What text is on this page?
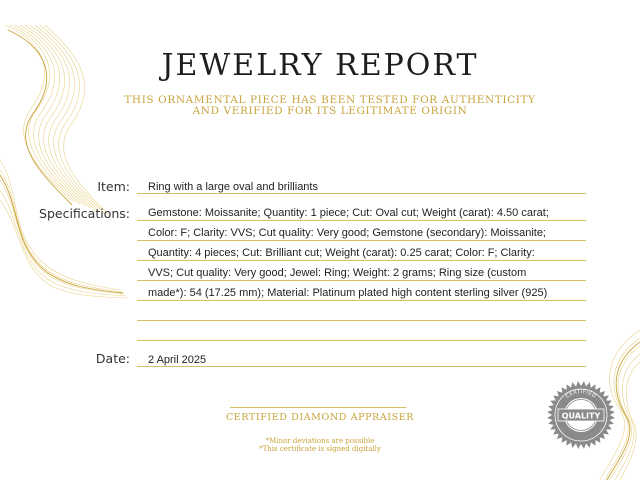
JEWELRY REPORT
THIS ORNAMENTAL PIECE HAS BEEN TESTED FOR AUTHENTICITY
AND VERIFIED FOR ITS LEGITIMATE ORIGIN
Item: Ring with a large oval and brilliants
Specifications: Gemstone: Moissanite; Quantity: 1 piece; Cut: Oval cut; Weight (carat): 4.50 carat;
Color: F; Clarity: VVS; Cut quality: Very good; Gemstone (secondary): Moissanite;
Quantity: 4 pieces; Cut: Brilliant cut; Weight (carat): 0.25 carat; Color: F; Clarity:
VVS; Cut quality: Very good; Jewel: Ring; Weight: 2 grams; Ring size (custom
made*): 54 (17.25 mm); Material: Platinum plated high content sterling silver (925)
Date: 2 April 2025
CERTIFIED DIAMOND APPRAISER
*Minor deviations are possible
*This certificate is signed digitally
CERTIFIED
QUALITY
